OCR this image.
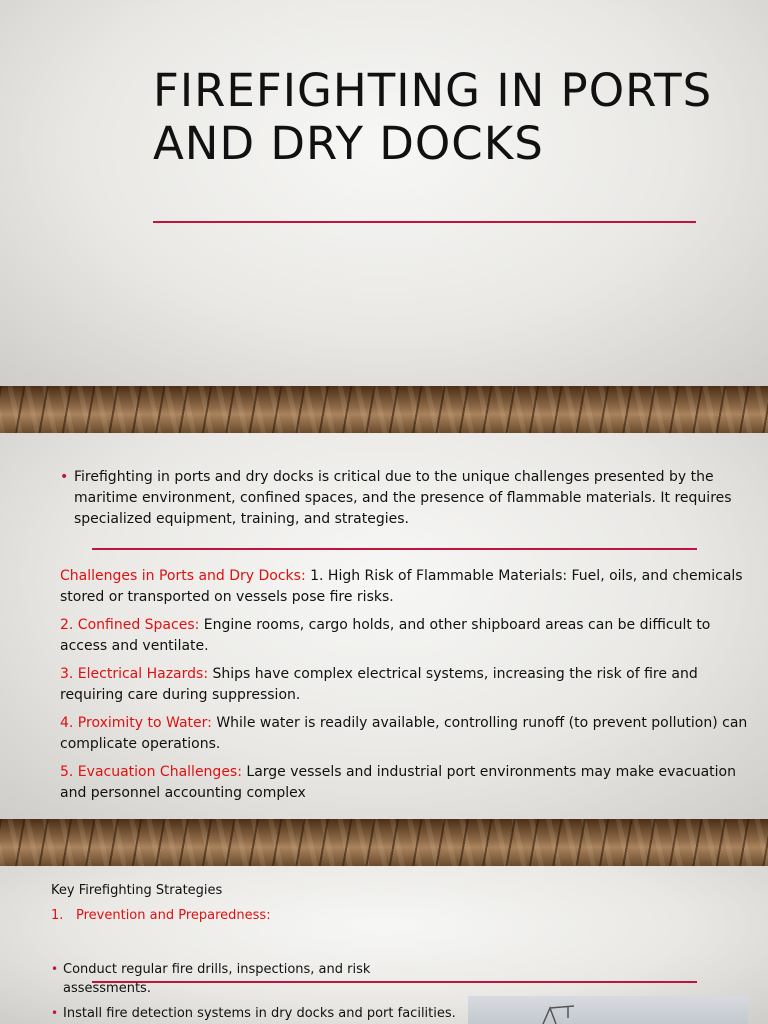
FIREFIGHTING IN PORTS AND DRY DOCKS

• Firefighting in ports and dry docks is critical due to the unique challenges presented by the maritime environment, confined spaces, and the presence of flammable materials. It requires specialized equipment, training, and strategies.

Challenges in Ports and Dry Docks: 1. High Risk of Flammable Materials: Fuel, oils, and chemicals stored or transported on vessels pose fire risks.

2. Confined Spaces: Engine rooms, cargo holds, and other shipboard areas can be difficult to access and ventilate.

3. Electrical Hazards: Ships have complex electrical systems, increasing the risk of fire and requiring care during suppression.

4. Proximity to Water: While water is readily available, controlling runoff (to prevent pollution) can complicate operations.

5. Evacuation Challenges: Large vessels and industrial port environments may make evacuation and personnel accounting complex

Key Firefighting Strategies

1. Prevention and Preparedness:

• Conduct regular fire drills, inspections, and risk assessments.

• Install fire detection systems in dry docks and port facilities.
